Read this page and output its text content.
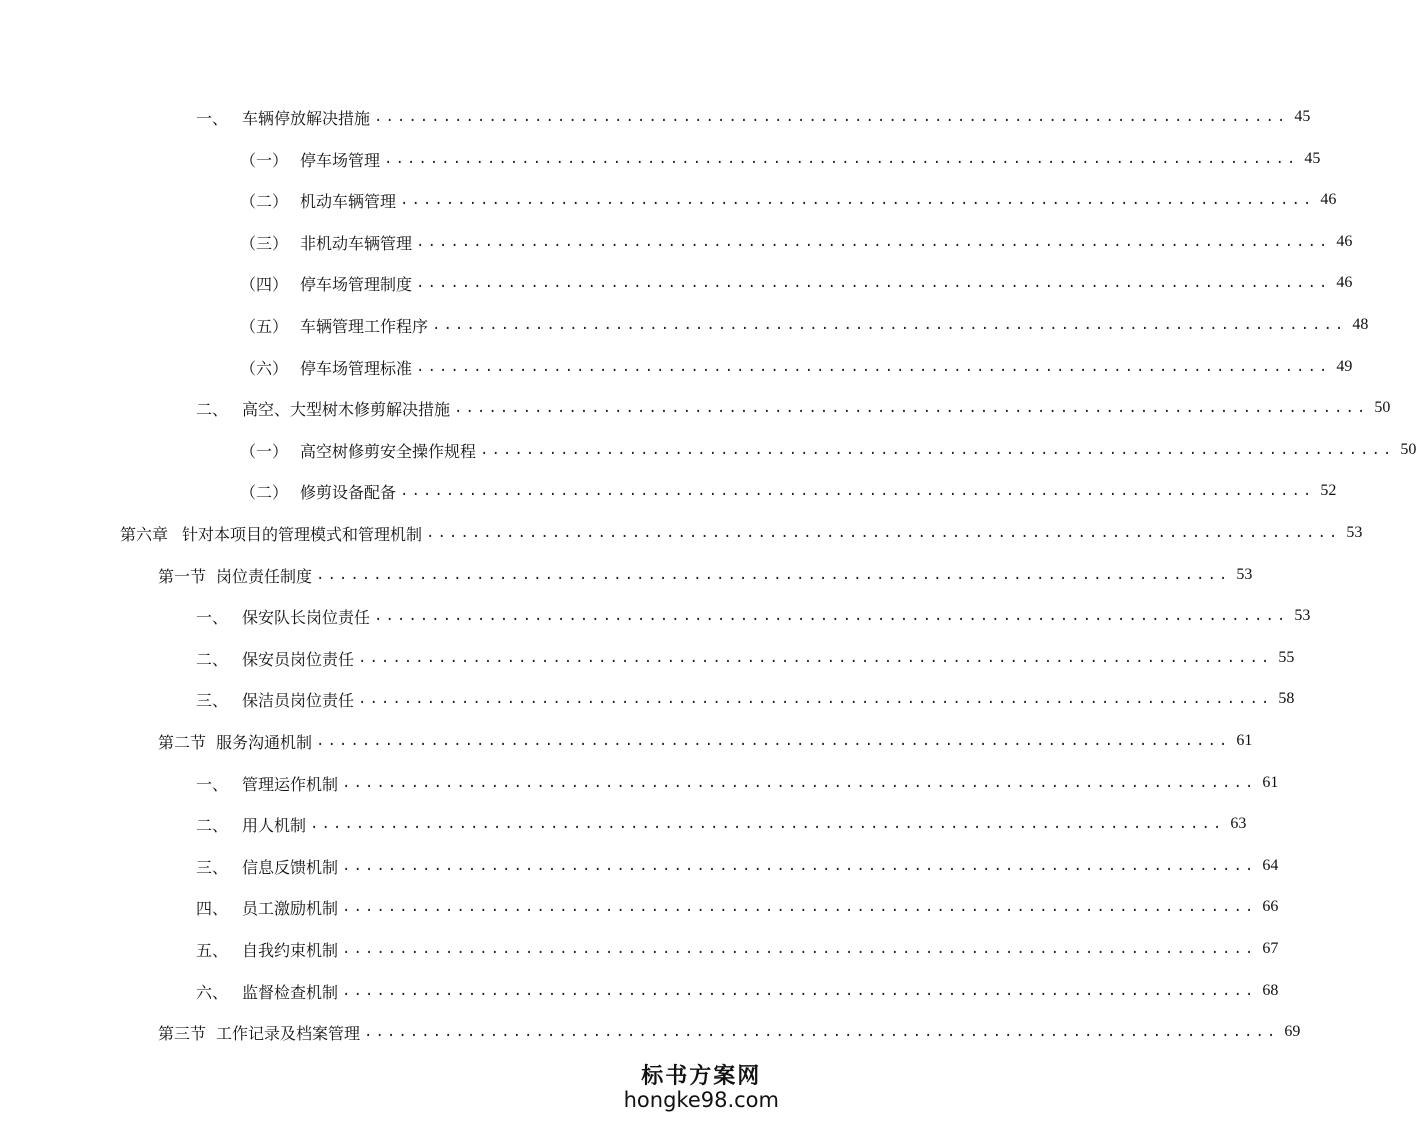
一、 车辆停放解决措施 ................................................................................ 45
（一） 停车场管理 ................................................................................ 45
（二） 机动车辆管理 ................................................................................ 46
（三） 非机动车辆管理 ................................................................................ 46
（四） 停车场管理制度 ................................................................................ 46
（五） 车辆管理工作程序 ................................................................................ 48
（六） 停车场管理标准 ................................................................................ 49
二、 高空、大型树木修剪解决措施 ................................................................................ 50
（一） 高空树修剪安全操作规程 ................................................................................ 50
（二） 修剪设备配备 ................................................................................ 52
第六章 针对本项目的管理模式和管理机制 ................................................................................ 53
第一节 岗位责任制度 ................................................................................ 53
一、 保安队长岗位责任 ................................................................................ 53
二、 保安员岗位责任 ................................................................................ 55
三、 保洁员岗位责任 ................................................................................ 58
第二节 服务沟通机制 ................................................................................ 61
一、 管理运作机制 ................................................................................ 61
二、 用人机制 ................................................................................ 63
三、 信息反馈机制 ................................................................................ 64
四、 员工激励机制 ................................................................................ 66
五、 自我约束机制 ................................................................................ 67
六、 监督检查机制 ................................................................................ 68
第三节 工作记录及档案管理 ................................................................................ 69
标书方案网
hongke98.com
